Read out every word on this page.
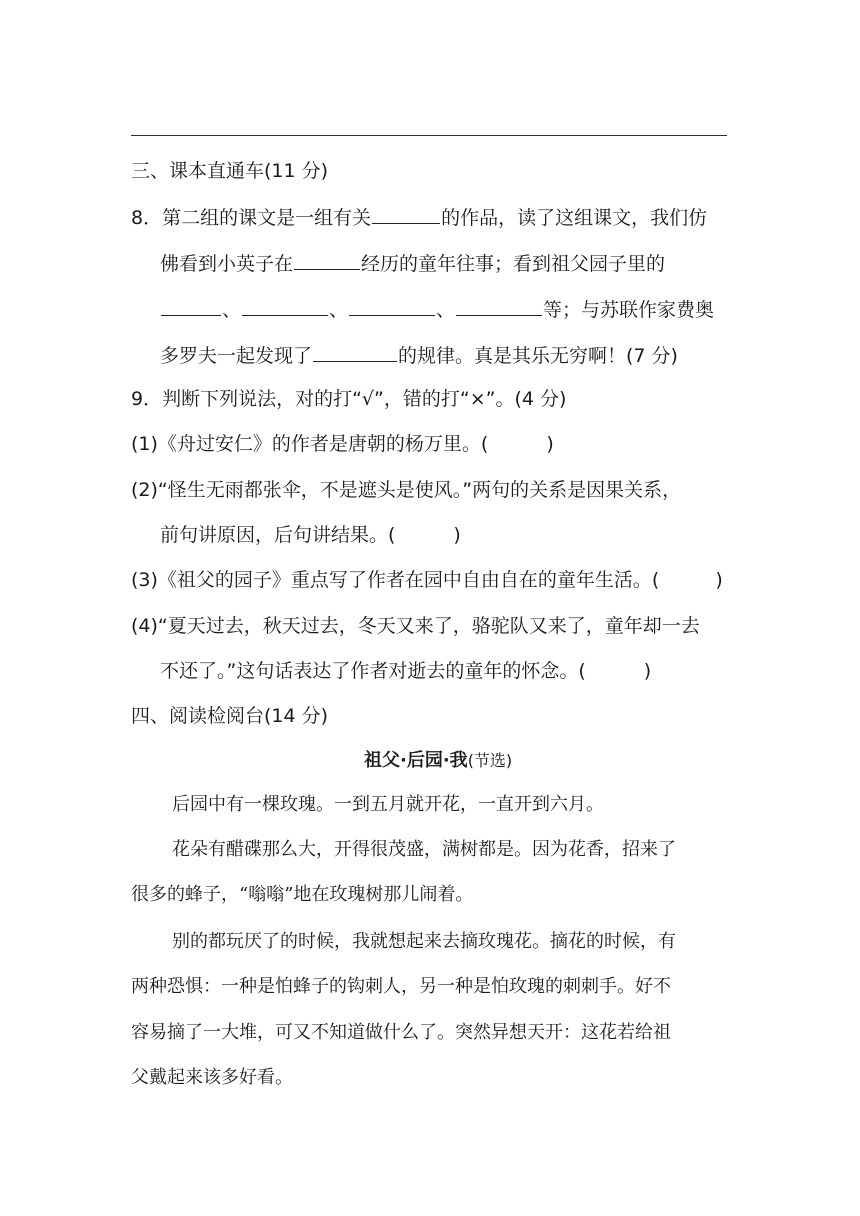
三、课本直通车(11 分)
8．第二组的课文是一组有关	的作品，读了这组课文，我们仿
佛看到小英子在	经历的童年往事；看到祖父园子里的
、	、	、	等；与苏联作家费奥
多罗夫一起发现了	的规律。真是其乐无穷啊！(7 分)
9．判断下列说法，对的打“√”，错的打“×”。(4 分)
(1)《舟过安仁》的作者是唐朝的杨万里。(	)
(2)“怪生无雨都张伞，不是遮头是使风。”两句的关系是因果关系，
前句讲原因，后句讲结果。(	)
(3)《祖父的园子》重点写了作者在园中自由自在的童年生活。(	)
(4)“夏天过去，秋天过去，冬天又来了，骆驼队又来了，童年却一去
不还了。”这句话表达了作者对逝去的童年的怀念。(	)
四、阅读检阅台(14 分)
祖父·后园·我(节选)
后园中有一棵玫瑰。一到五月就开花，一直开到六月。
花朵有醋碟那么大，开得很茂盛，满树都是。因为花香，招来了
很多的蜂子，“嗡嗡”地在玫瑰树那儿闹着。
别的都玩厌了的时候，我就想起来去摘玫瑰花。摘花的时候，有
两种恐惧：一种是怕蜂子的钩刺人，另一种是怕玫瑰的刺刺手。好不
容易摘了一大堆，可又不知道做什么了。突然异想天开：这花若给祖
父戴起来该多好看。
